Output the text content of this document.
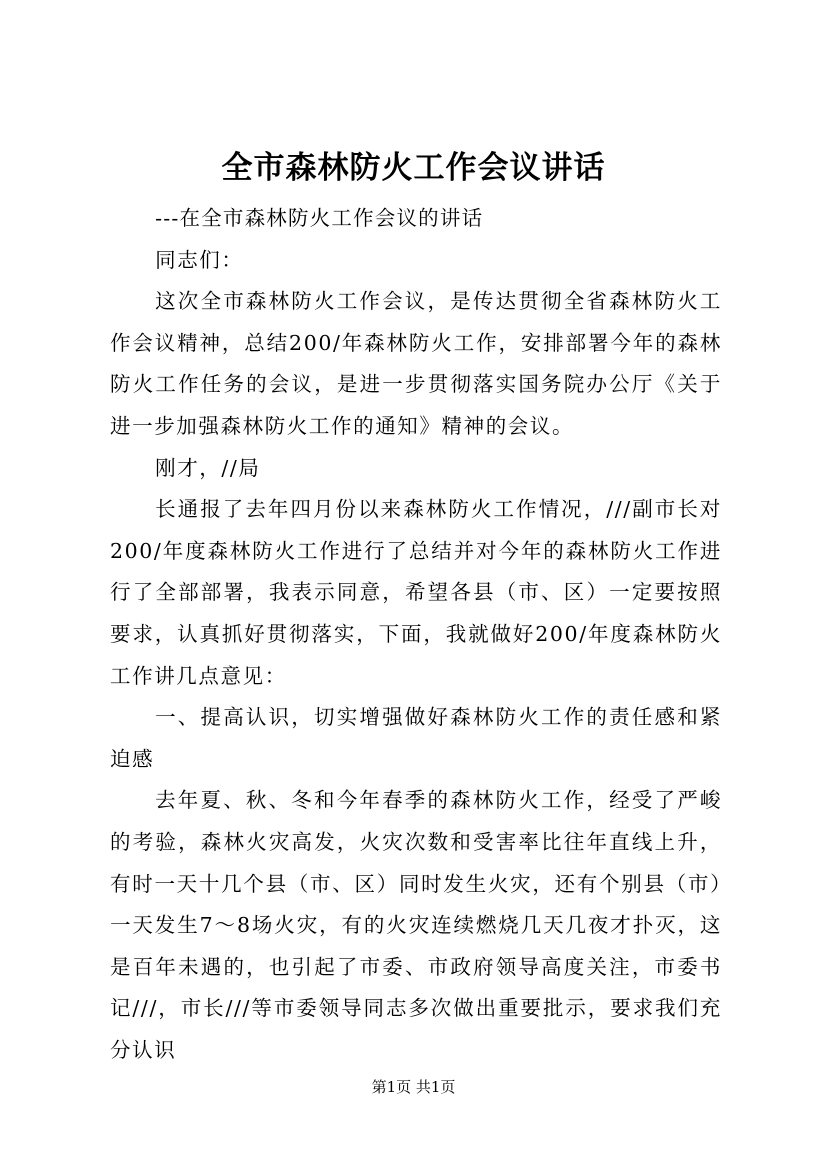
全市森林防火工作会议讲话

---在全市森林防火工作会议的讲话

同志们：

这次全市森林防火工作会议，是传达贯彻全省森林防火工作会议精神，总结200/年森林防火工作，安排部署今年的森林防火工作任务的会议，是进一步贯彻落实国务院办公厅《关于进一步加强森林防火工作的通知》精神的会议。

刚才，//局

长通报了去年四月份以来森林防火工作情况，///副市长对200/年度森林防火工作进行了总结并对今年的森林防火工作进行了全部部署，我表示同意，希望各县（市、区）一定要按照要求，认真抓好贯彻落实，下面，我就做好200/年度森林防火工作讲几点意见：

一、提高认识，切实增强做好森林防火工作的责任感和紧迫感

去年夏、秋、冬和今年春季的森林防火工作，经受了严峻的考验，森林火灾高发，火灾次数和受害率比往年直线上升，有时一天十几个县（市、区）同时发生火灾，还有个别县（市）一天发生7～8场火灾，有的火灾连续燃烧几天几夜才扑灭，这是百年未遇的，也引起了市委、市政府领导高度关注，市委书记///，市长///等市委领导同志多次做出重要批示，要求我们充分认识

第1页 共1页
